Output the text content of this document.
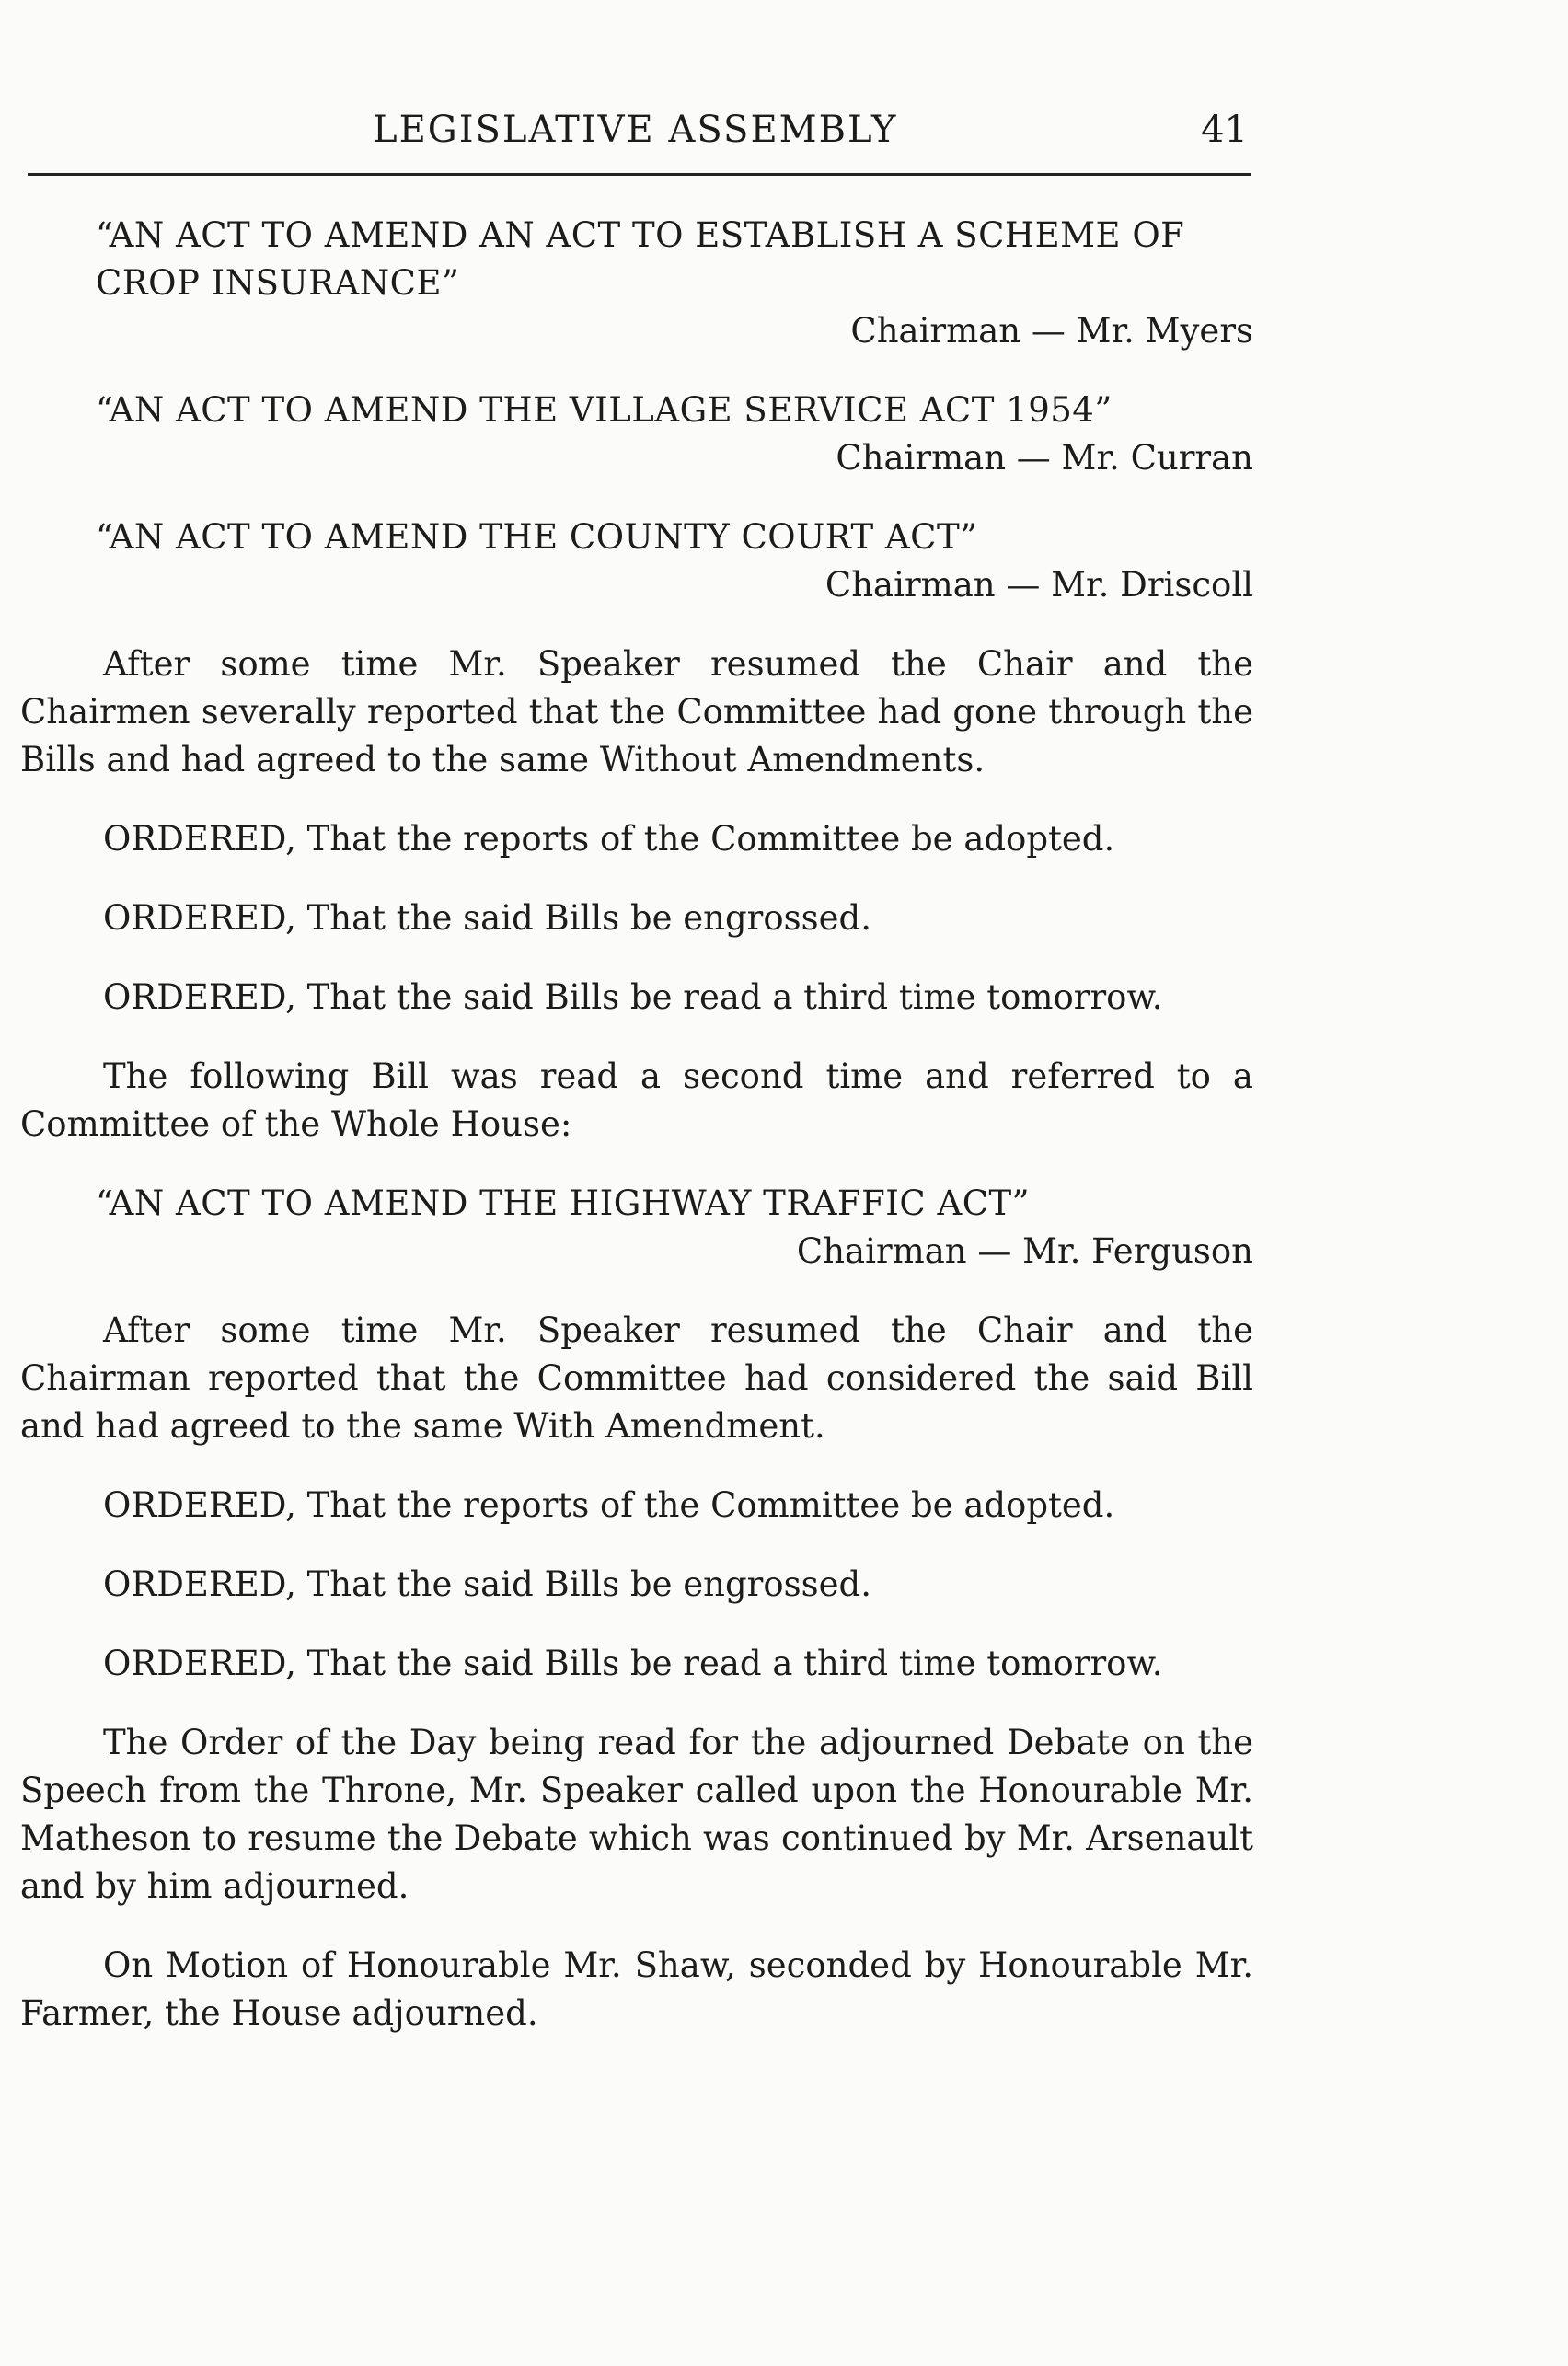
LEGISLATIVE ASSEMBLY	41

“AN ACT TO AMEND AN ACT TO ESTABLISH A SCHEME OF CROP INSURANCE”

Chairman — Mr. Myers

“AN ACT TO AMEND THE VILLAGE SERVICE ACT 1954”

Chairman — Mr. Curran

“AN ACT TO AMEND THE COUNTY COURT ACT”

Chairman — Mr. Driscoll

After some time Mr. Speaker resumed the Chair and the Chairmen severally reported that the Committee had gone through the Bills and had agreed to the same Without Amendments.

ORDERED, That the reports of the Committee be adopted.

ORDERED, That the said Bills be engrossed.

ORDERED, That the said Bills be read a third time tomorrow.

The following Bill was read a second time and referred to a Committee of the Whole House:

“AN ACT TO AMEND THE HIGHWAY TRAFFIC ACT”

Chairman — Mr. Ferguson

After some time Mr. Speaker resumed the Chair and the Chairman reported that the Committee had considered the said Bill and had agreed to the same With Amendment.

ORDERED, That the reports of the Committee be adopted.

ORDERED, That the said Bills be engrossed.

ORDERED, That the said Bills be read a third time tomorrow.

The Order of the Day being read for the adjourned Debate on the Speech from the Throne, Mr. Speaker called upon the Honourable Mr. Matheson to resume the Debate which was continued by Mr. Arsenault and by him adjourned.

On Motion of Honourable Mr. Shaw, seconded by Honourable Mr. Farmer, the House adjourned.
